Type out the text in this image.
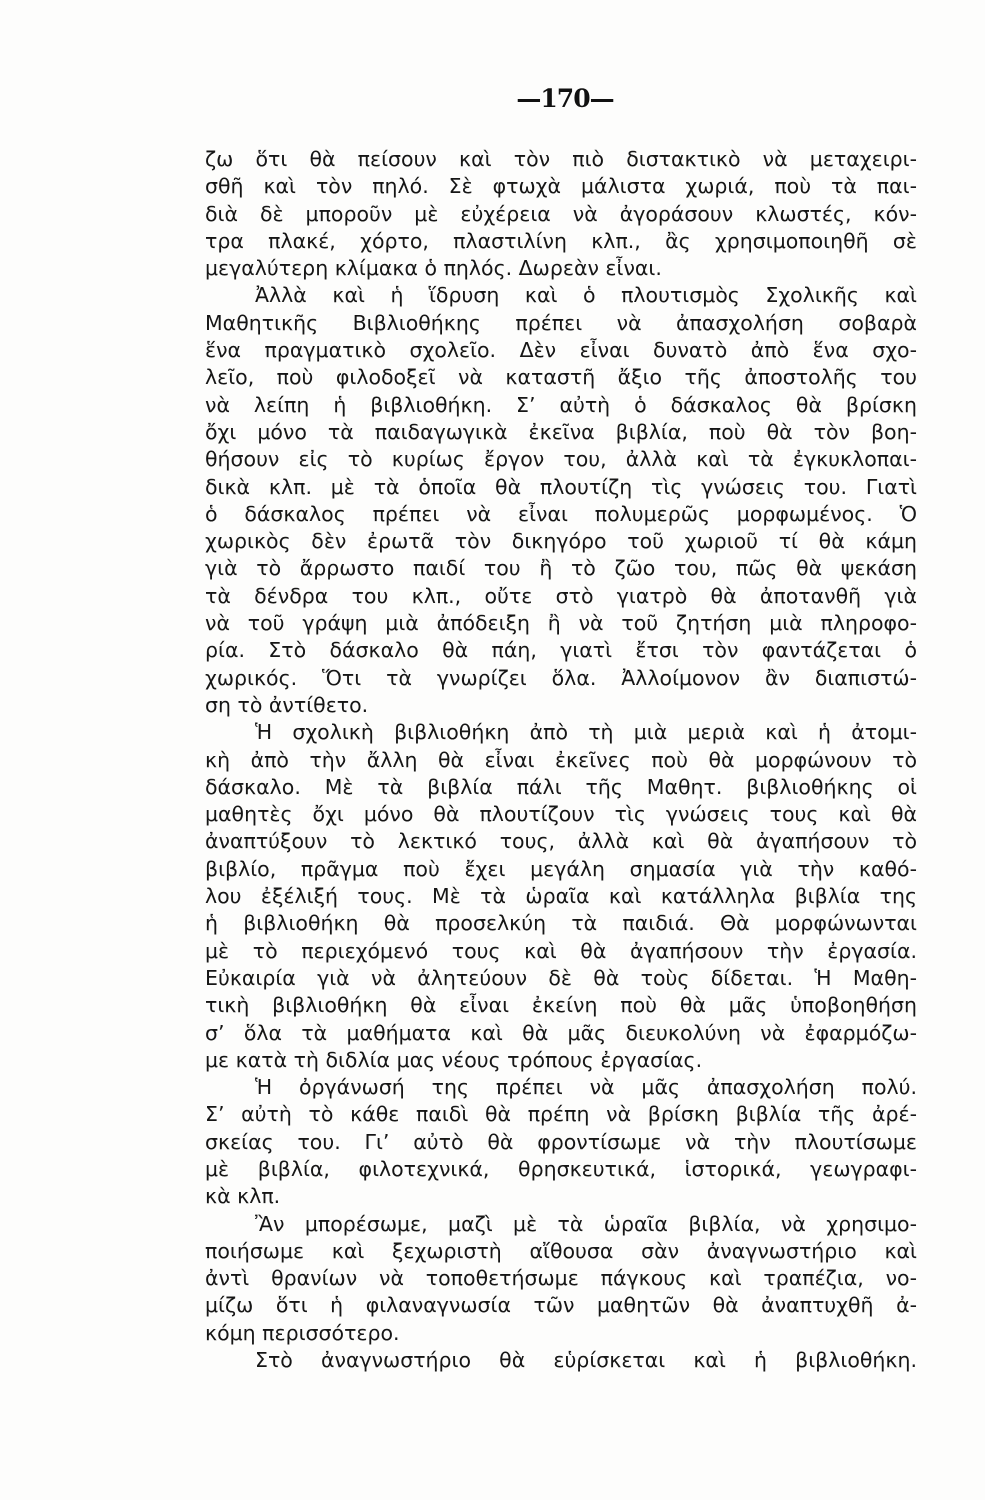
—170—
ζω ὅτι θὰ πείσουν καὶ τὸν πιὸ διστακτικὸ νὰ μεταχειρι-
σθῆ καὶ τὸν πηλό. Σὲ φτωχὰ μάλιστα χωριά, ποὺ τὰ παι-
διὰ δὲ μποροῦν μὲ εὐχέρεια νὰ ἀγοράσουν κλωστές, κόν-
τρα πλακέ, χόρτο, πλαστιλίνη κλπ., ἂς χρησιμοποιηθῆ σὲ
μεγαλύτερη κλίμακα ὁ πηλός. Δωρεὰν εἶναι.
Ἀλλὰ καὶ ἡ ἵδρυση καὶ ὁ πλουτισμὸς Σχολικῆς καὶ
Μαθητικῆς Βιβλιοθήκης πρέπει νὰ ἀπασχολήση σοβαρὰ
ἕνα πραγματικὸ σχολεῖο. Δὲν εἶναι δυνατὸ ἀπὸ ἕνα σχο-
λεῖο, ποὺ φιλοδοξεῖ νὰ καταστῆ ἄξιο τῆς ἀποστολῆς του
νὰ λείπη ἡ βιβλιοθήκη. Σ’ αὐτὴ ὁ δάσκαλος θὰ βρίσκη
ὄχι μόνο τὰ παιδαγωγικὰ ἐκεῖνα βιβλία, ποὺ θὰ τὸν βοη-
θήσουν εἰς τὸ κυρίως ἔργον του, ἀλλὰ καὶ τὰ ἐγκυκλοπαι-
δικὰ κλπ. μὲ τὰ ὁποῖα θὰ πλουτίζη τὶς γνώσεις του. Γιατὶ
ὁ δάσκαλος πρέπει νὰ εἶναι πολυμερῶς μορφωμένος. Ὁ
χωρικὸς δὲν ἐρωτᾶ τὸν δικηγόρο τοῦ χωριοῦ τί θὰ κάμη
γιὰ τὸ ἄρρωστο παιδί του ἢ τὸ ζῶο του, πῶς θὰ ψεκάση
τὰ δένδρα του κλπ., οὔτε στὸ γιατρὸ θὰ ἀποτανθῆ γιὰ
νὰ τοῦ γράψη μιὰ ἀπόδειξη ἢ νὰ τοῦ ζητήση μιὰ πληροφο-
ρία. Στὸ δάσκαλο θὰ πάη, γιατὶ ἔτσι τὸν φαντάζεται ὁ
χωρικός. Ὅτι τὰ γνωρίζει ὅλα. Ἀλλοίμονον ἂν διαπιστώ-
ση τὸ ἀντίθετο.
Ἡ σχολικὴ βιβλιοθήκη ἀπὸ τὴ μιὰ μεριὰ καὶ ἡ ἀτομι-
κὴ ἀπὸ τὴν ἄλλη θὰ εἶναι ἐκεῖνες ποὺ θὰ μορφώνουν τὸ
δάσκαλο. Μὲ τὰ βιβλία πάλι τῆς Μαθητ. βιβλιοθήκης οἱ
μαθητὲς ὄχι μόνο θὰ πλουτίζουν τὶς γνώσεις τους καὶ θὰ
ἀναπτύξουν τὸ λεκτικό τους, ἀλλὰ καὶ θὰ ἀγαπήσουν τὸ
βιβλίο, πρᾶγμα ποὺ ἔχει μεγάλη σημασία γιὰ τὴν καθό-
λου ἐξέλιξή τους. Μὲ τὰ ὡραῖα καὶ κατάλληλα βιβλία της
ἡ βιβλιοθήκη θὰ προσελκύη τὰ παιδιά. Θὰ μορφώνωνται
μὲ τὸ περιεχόμενό τους καὶ θὰ ἀγαπήσουν τὴν ἐργασία.
Εὐκαιρία γιὰ νὰ ἀλητεύουν δὲ θὰ τοὺς δίδεται. Ἡ Μαθη-
τικὴ βιβλιοθήκη θὰ εἶναι ἐκείνη ποὺ θὰ μᾶς ὑποβοηθήση
σ’ ὅλα τὰ μαθήματα καὶ θὰ μᾶς διευκολύνη νὰ ἐφαρμόζω-
με κατὰ τὴ διδλία μας νέους τρόπους ἐργασίας.
Ἡ ὀργάνωσή της πρέπει νὰ μᾶς ἀπασχολήση πολύ.
Σ’ αὐτὴ τὸ κάθε παιδὶ θὰ πρέπη νὰ βρίσκη βιβλία τῆς ἀρέ-
σκείας του. Γι’ αὐτὸ θὰ φροντίσωμε νὰ τὴν πλουτίσωμε
μὲ βιβλία, φιλοτεχνικά, θρησκευτικά, ἱστορικά, γεωγραφι-
κὰ κλπ.
Ἂν μπορέσωμε, μαζὶ μὲ τὰ ὡραῖα βιβλία, νὰ χρησιμο-
ποιήσωμε καὶ ξεχωριστὴ αἴθουσα σὰν ἀναγνωστήριο καὶ
ἀντὶ θρανίων νὰ τοποθετήσωμε πάγκους καὶ τραπέζια, νο-
μίζω ὅτι ἡ φιλαναγνωσία τῶν μαθητῶν θὰ ἀναπτυχθῆ ἀ-
κόμη περισσότερο.
Στὸ ἀναγνωστήριο θὰ εὑρίσκεται καὶ ἡ βιβλιοθήκη.
